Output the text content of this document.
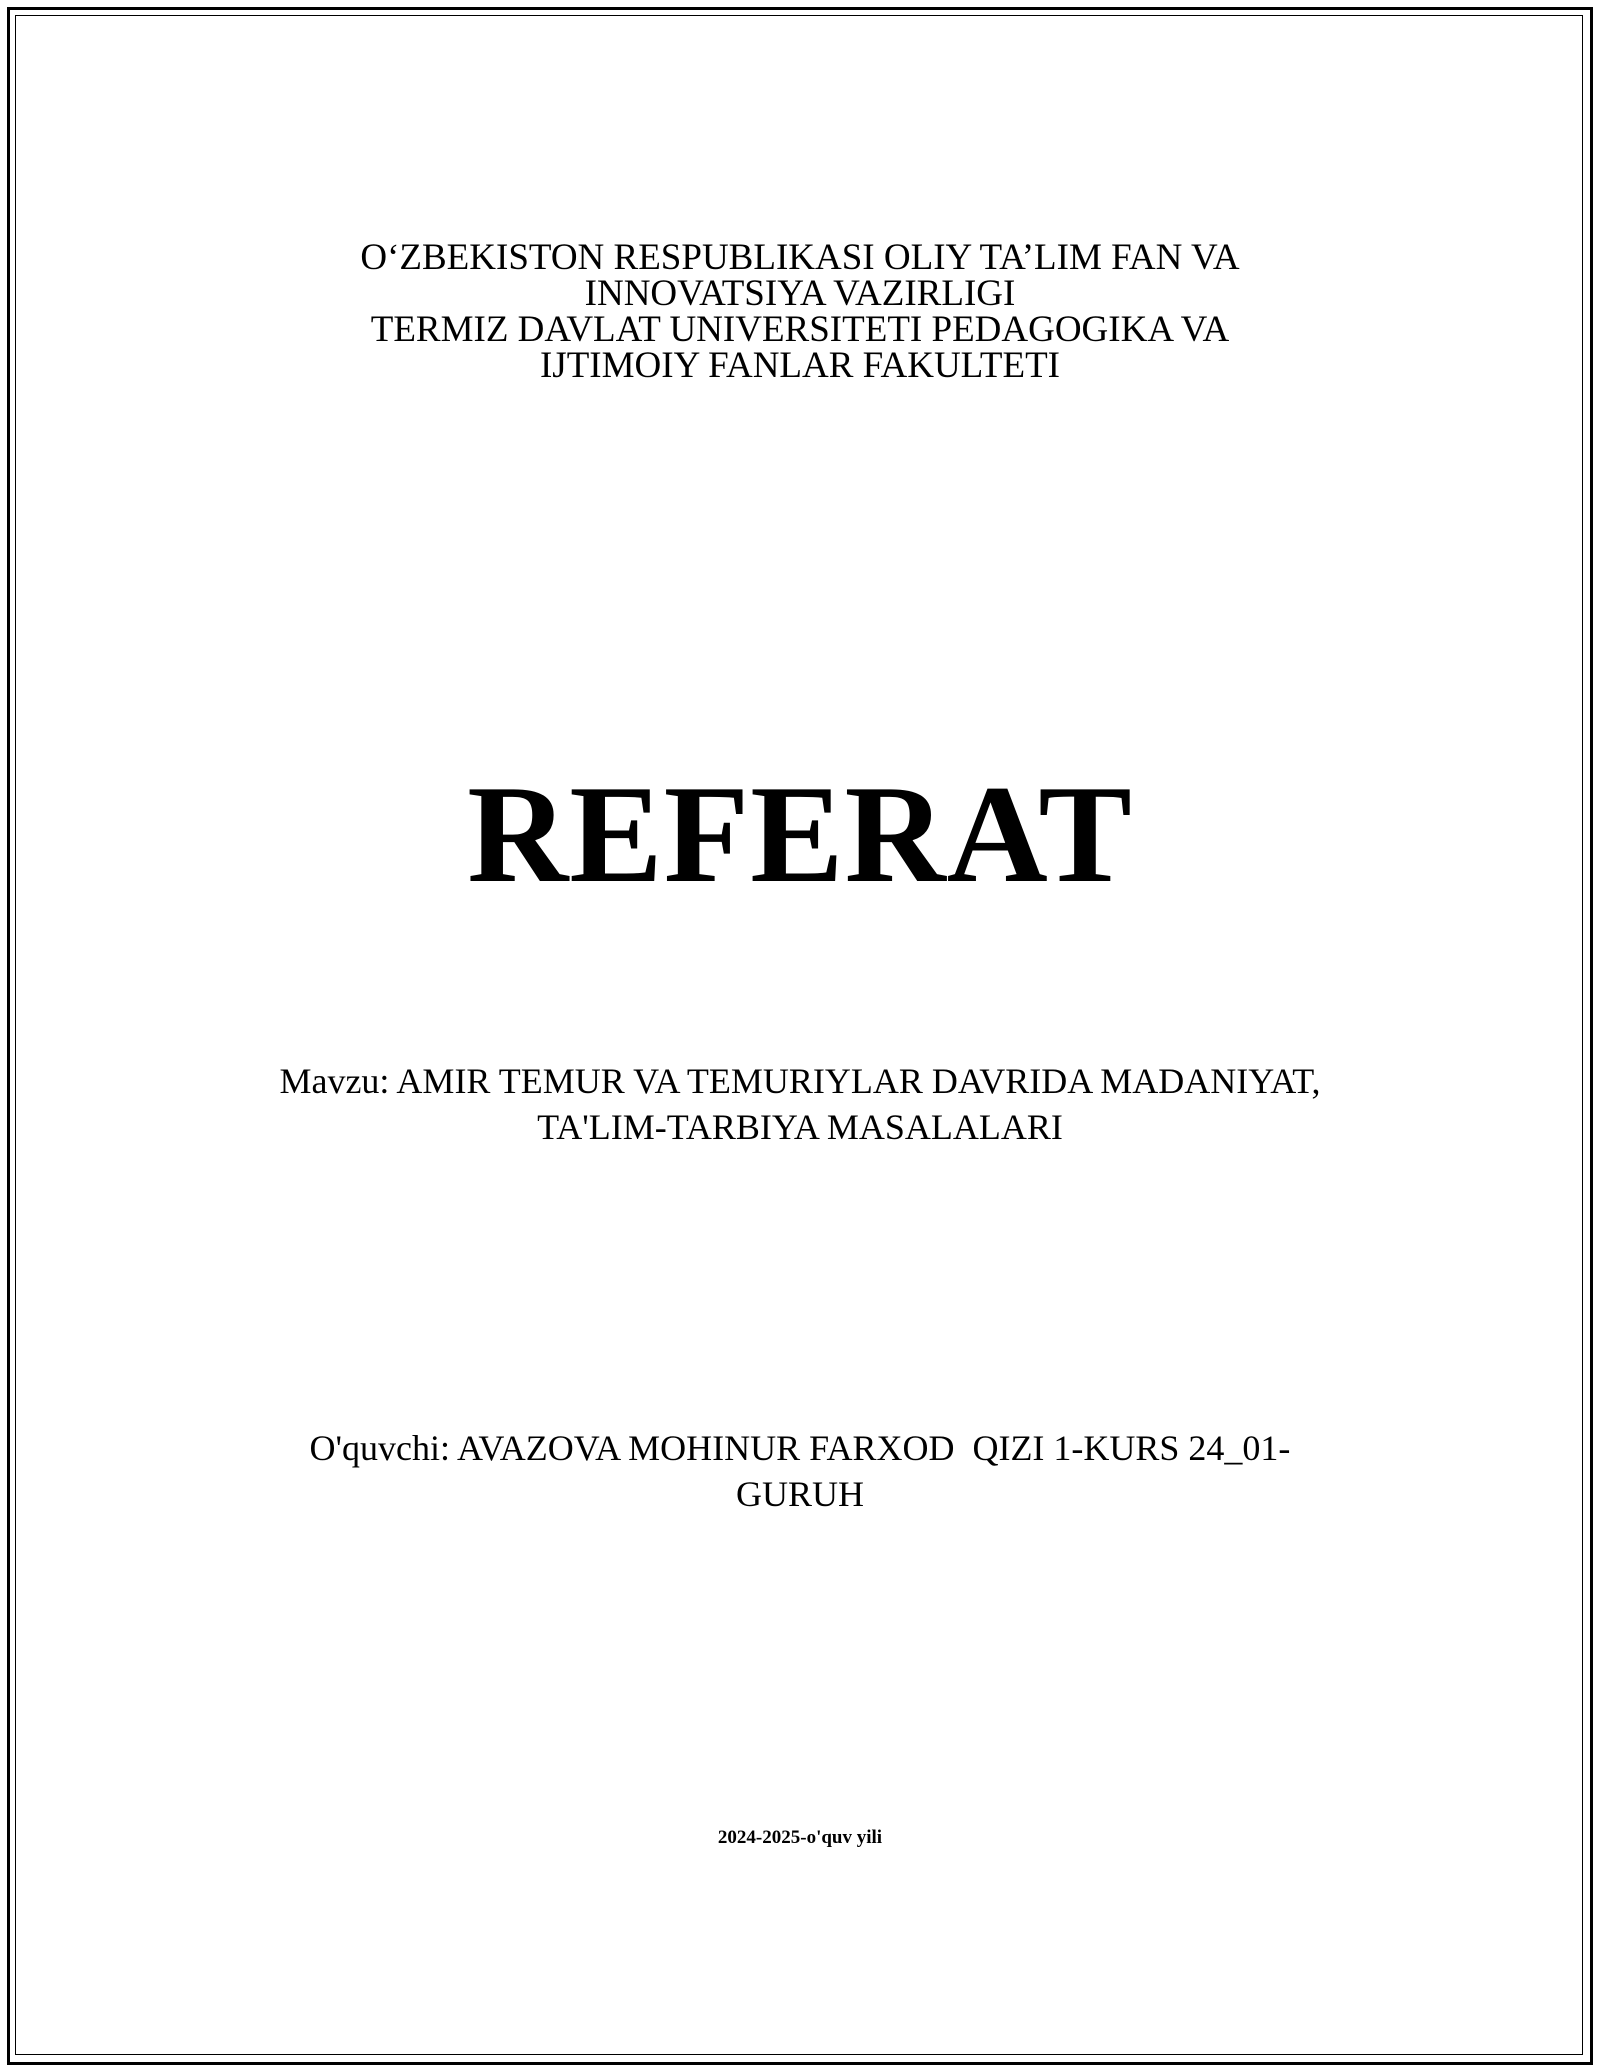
O‘ZBEKISTON RESPUBLIKASI OLIY TA’LIM FAN VA
INNOVATSIYA VAZIRLIGI
TERMIZ DAVLAT UNIVERSITETI PEDAGOGIKA VA
IJTIMOIY FANLAR FAKULTETI
REFERAT
Mavzu: AMIR TEMUR VA TEMURIYLAR DAVRIDA MADANIYAT,
TA'LIM-TARBIYA MASALALARI
O'quvchi: AVAZOVA MOHINUR FARXOD  QIZI 1-KURS 24_01-
GURUH
2024-2025-o'quv yili
